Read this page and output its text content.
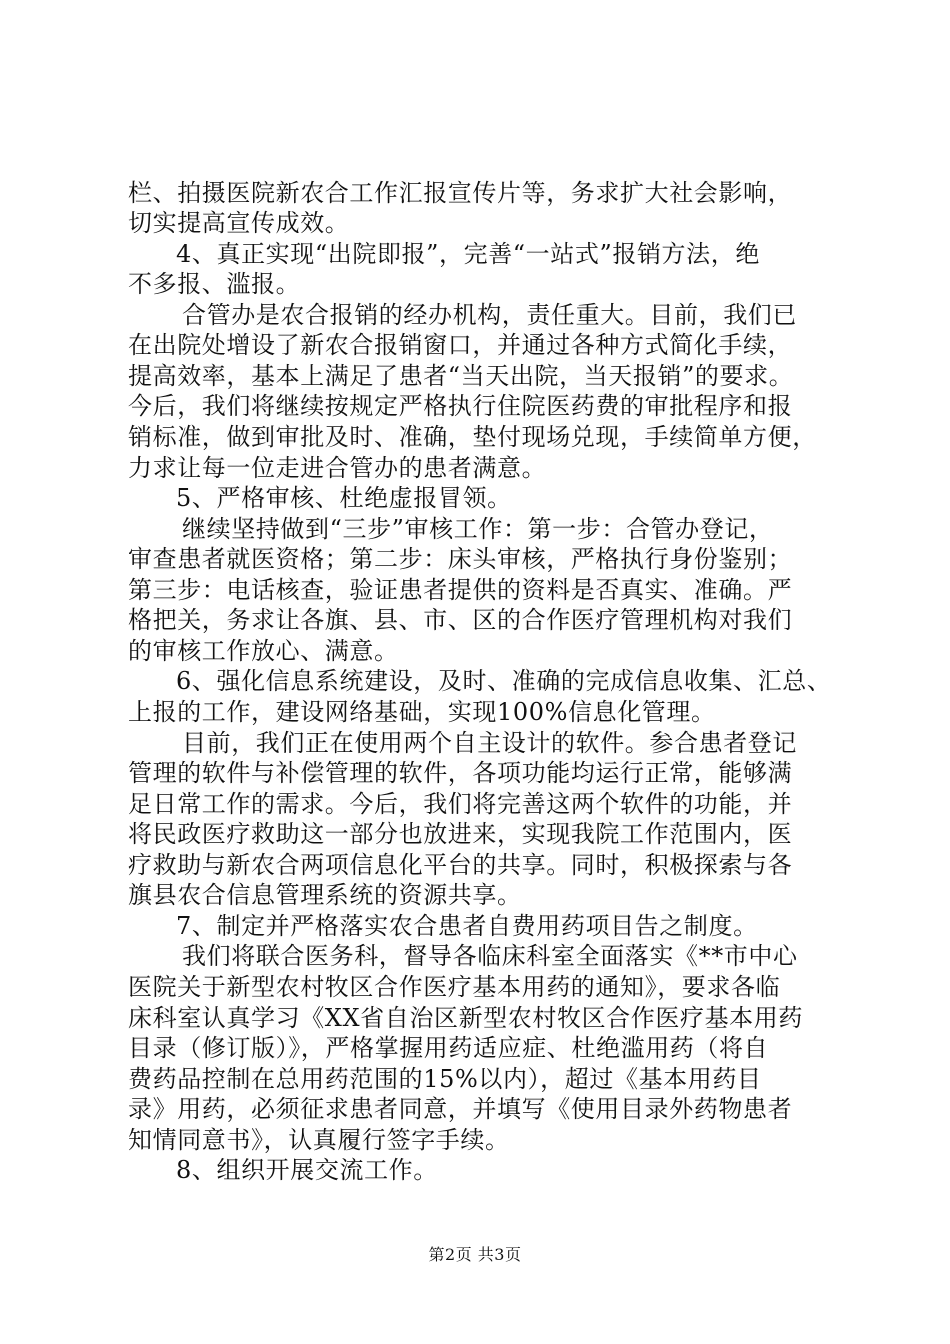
栏、拍摄医院新农合工作汇报宣传片等，务求扩大社会影响，
切实提高宣传成效。
4、真正实现“出院即报”，完善“一站式”报销方法，绝
不多报、滥报。
合管办是农合报销的经办机构，责任重大。目前，我们已
在出院处增设了新农合报销窗口，并通过各种方式简化手续，
提高效率，基本上满足了患者“当天出院，当天报销”的要求。
今后，我们将继续按规定严格执行住院医药费的审批程序和报
销标准，做到审批及时、准确，垫付现场兑现，手续简单方便，
力求让每一位走进合管办的患者满意。
5、严格审核、杜绝虚报冒领。
继续坚持做到“三步”审核工作：第一步：合管办登记，
审查患者就医资格；第二步：床头审核，严格执行身份鉴别；
第三步：电话核查，验证患者提供的资料是否真实、准确。严
格把关，务求让各旗、县、市、区的合作医疗管理机构对我们
的审核工作放心、满意。
6、强化信息系统建设，及时、准确的完成信息收集、汇总、
上报的工作，建设网络基础，实现100%信息化管理。
目前，我们正在使用两个自主设计的软件。参合患者登记
管理的软件与补偿管理的软件，各项功能均运行正常，能够满
足日常工作的需求。今后，我们将完善这两个软件的功能，并
将民政医疗救助这一部分也放进来，实现我院工作范围内，医
疗救助与新农合两项信息化平台的共享。同时，积极探索与各
旗县农合信息管理系统的资源共享。
7、制定并严格落实农合患者自费用药项目告之制度。
我们将联合医务科，督导各临床科室全面落实《**市中心
医院关于新型农村牧区合作医疗基本用药的通知》，要求各临
床科室认真学习《XX省自治区新型农村牧区合作医疗基本用药
目录（修订版）》，严格掌握用药适应症、杜绝滥用药（将自
费药品控制在总用药范围的15%以内），超过《基本用药目
录》用药，必须征求患者同意，并填写《使用目录外药物患者
知情同意书》，认真履行签字手续。
8、组织开展交流工作。
第2页 共3页
